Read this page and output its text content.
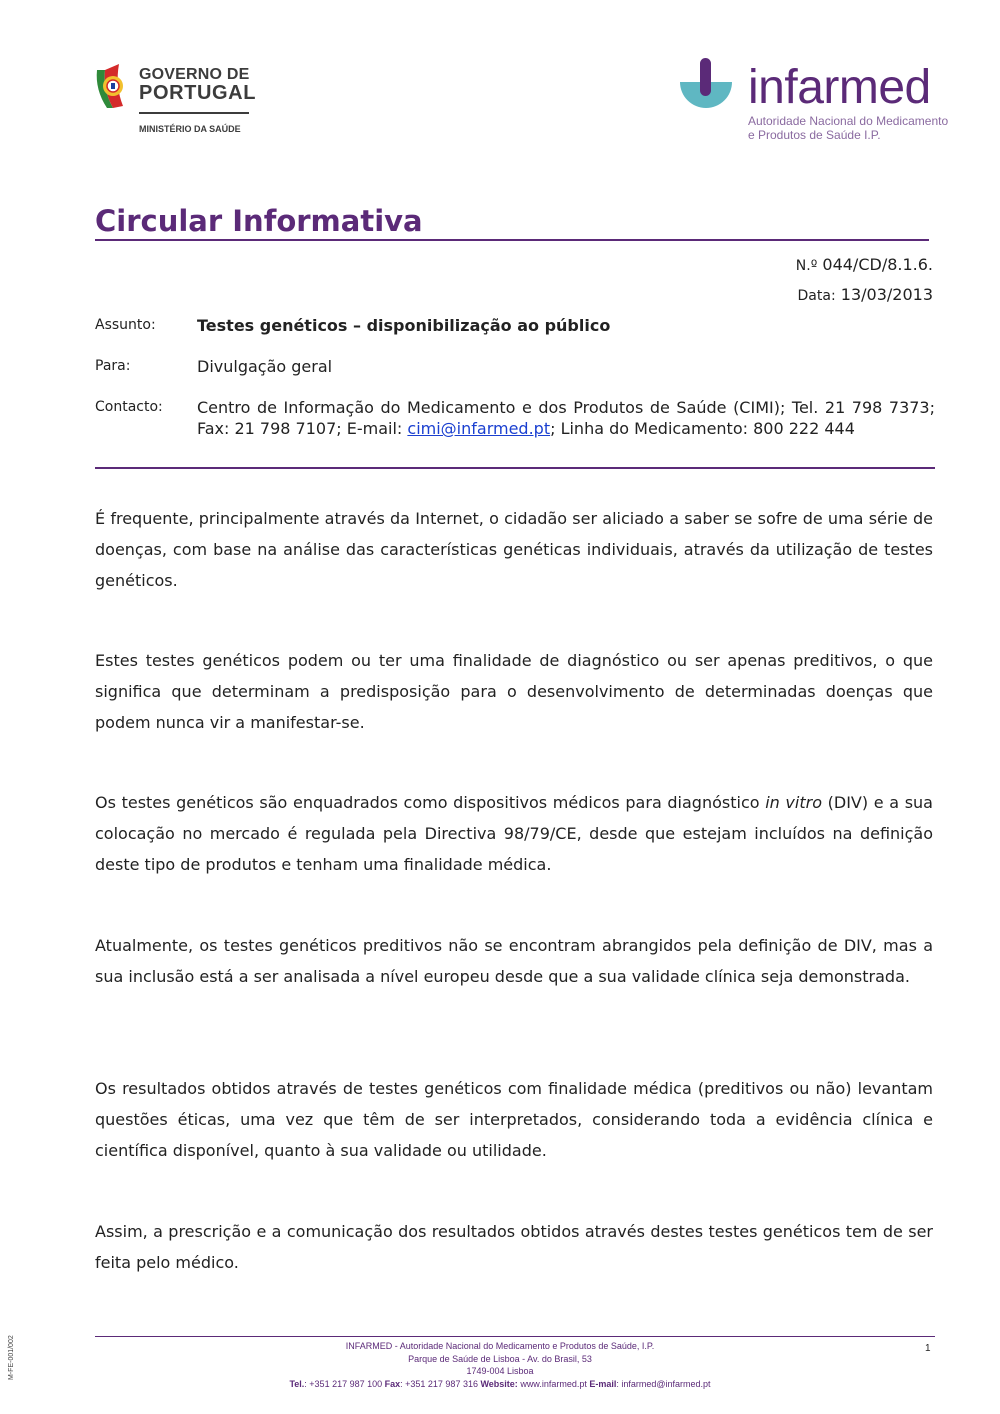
GOVERNO DE
PORTUGAL
MINISTÉRIO DA SAÚDE
infarmed
Autoridade Nacional do Medicamento
e Produtos de Saúde I.P.
Circular Informativa
N.º 044/CD/8.1.6.
Data: 13/03/2013
Assunto:	Testes genéticos – disponibilização ao público
Para:	Divulgação geral
Contacto: Centro de Informação do Medicamento e dos Produtos de Saúde (CIMI); Tel. 21 798 7373; Fax: 21 798 7107; E-mail: cimi@infarmed.pt; Linha do Medicamento: 800 222 444
É frequente, principalmente através da Internet, o cidadão ser aliciado a saber se sofre de uma série de doenças, com base na análise das características genéticas individuais, através da utilização de testes genéticos.
Estes testes genéticos podem ou ter uma finalidade de diagnóstico ou ser apenas preditivos, o que significa que determinam a predisposição para o desenvolvimento de determinadas doenças que podem nunca vir a manifestar-se.
Os testes genéticos são enquadrados como dispositivos médicos para diagnóstico in vitro (DIV) e a sua colocação no mercado é regulada pela Directiva 98/79/CE, desde que estejam incluídos na definição deste tipo de produtos e tenham uma finalidade médica.
Atualmente, os testes genéticos preditivos não se encontram abrangidos pela definição de DIV, mas a sua inclusão está a ser analisada a nível europeu desde que a sua validade clínica seja demonstrada.
Os resultados obtidos através de testes genéticos com finalidade médica (preditivos ou não) levantam questões éticas, uma vez que têm de ser interpretados, considerando toda a evidência clínica e científica disponível, quanto à sua validade ou utilidade.
Assim, a prescrição e a comunicação dos resultados obtidos através destes testes genéticos tem de ser feita pelo médico.
INFARMED - Autoridade Nacional do Medicamento e Produtos de Saúde, I.P.
Parque de Saúde de Lisboa - Av. do Brasil, 53
1749-004 Lisboa
Tel.: +351 217 987 100 Fax: +351 217 987 316 Website: www.infarmed.pt E-mail: infarmed@infarmed.pt
1
M-FE-001/002
